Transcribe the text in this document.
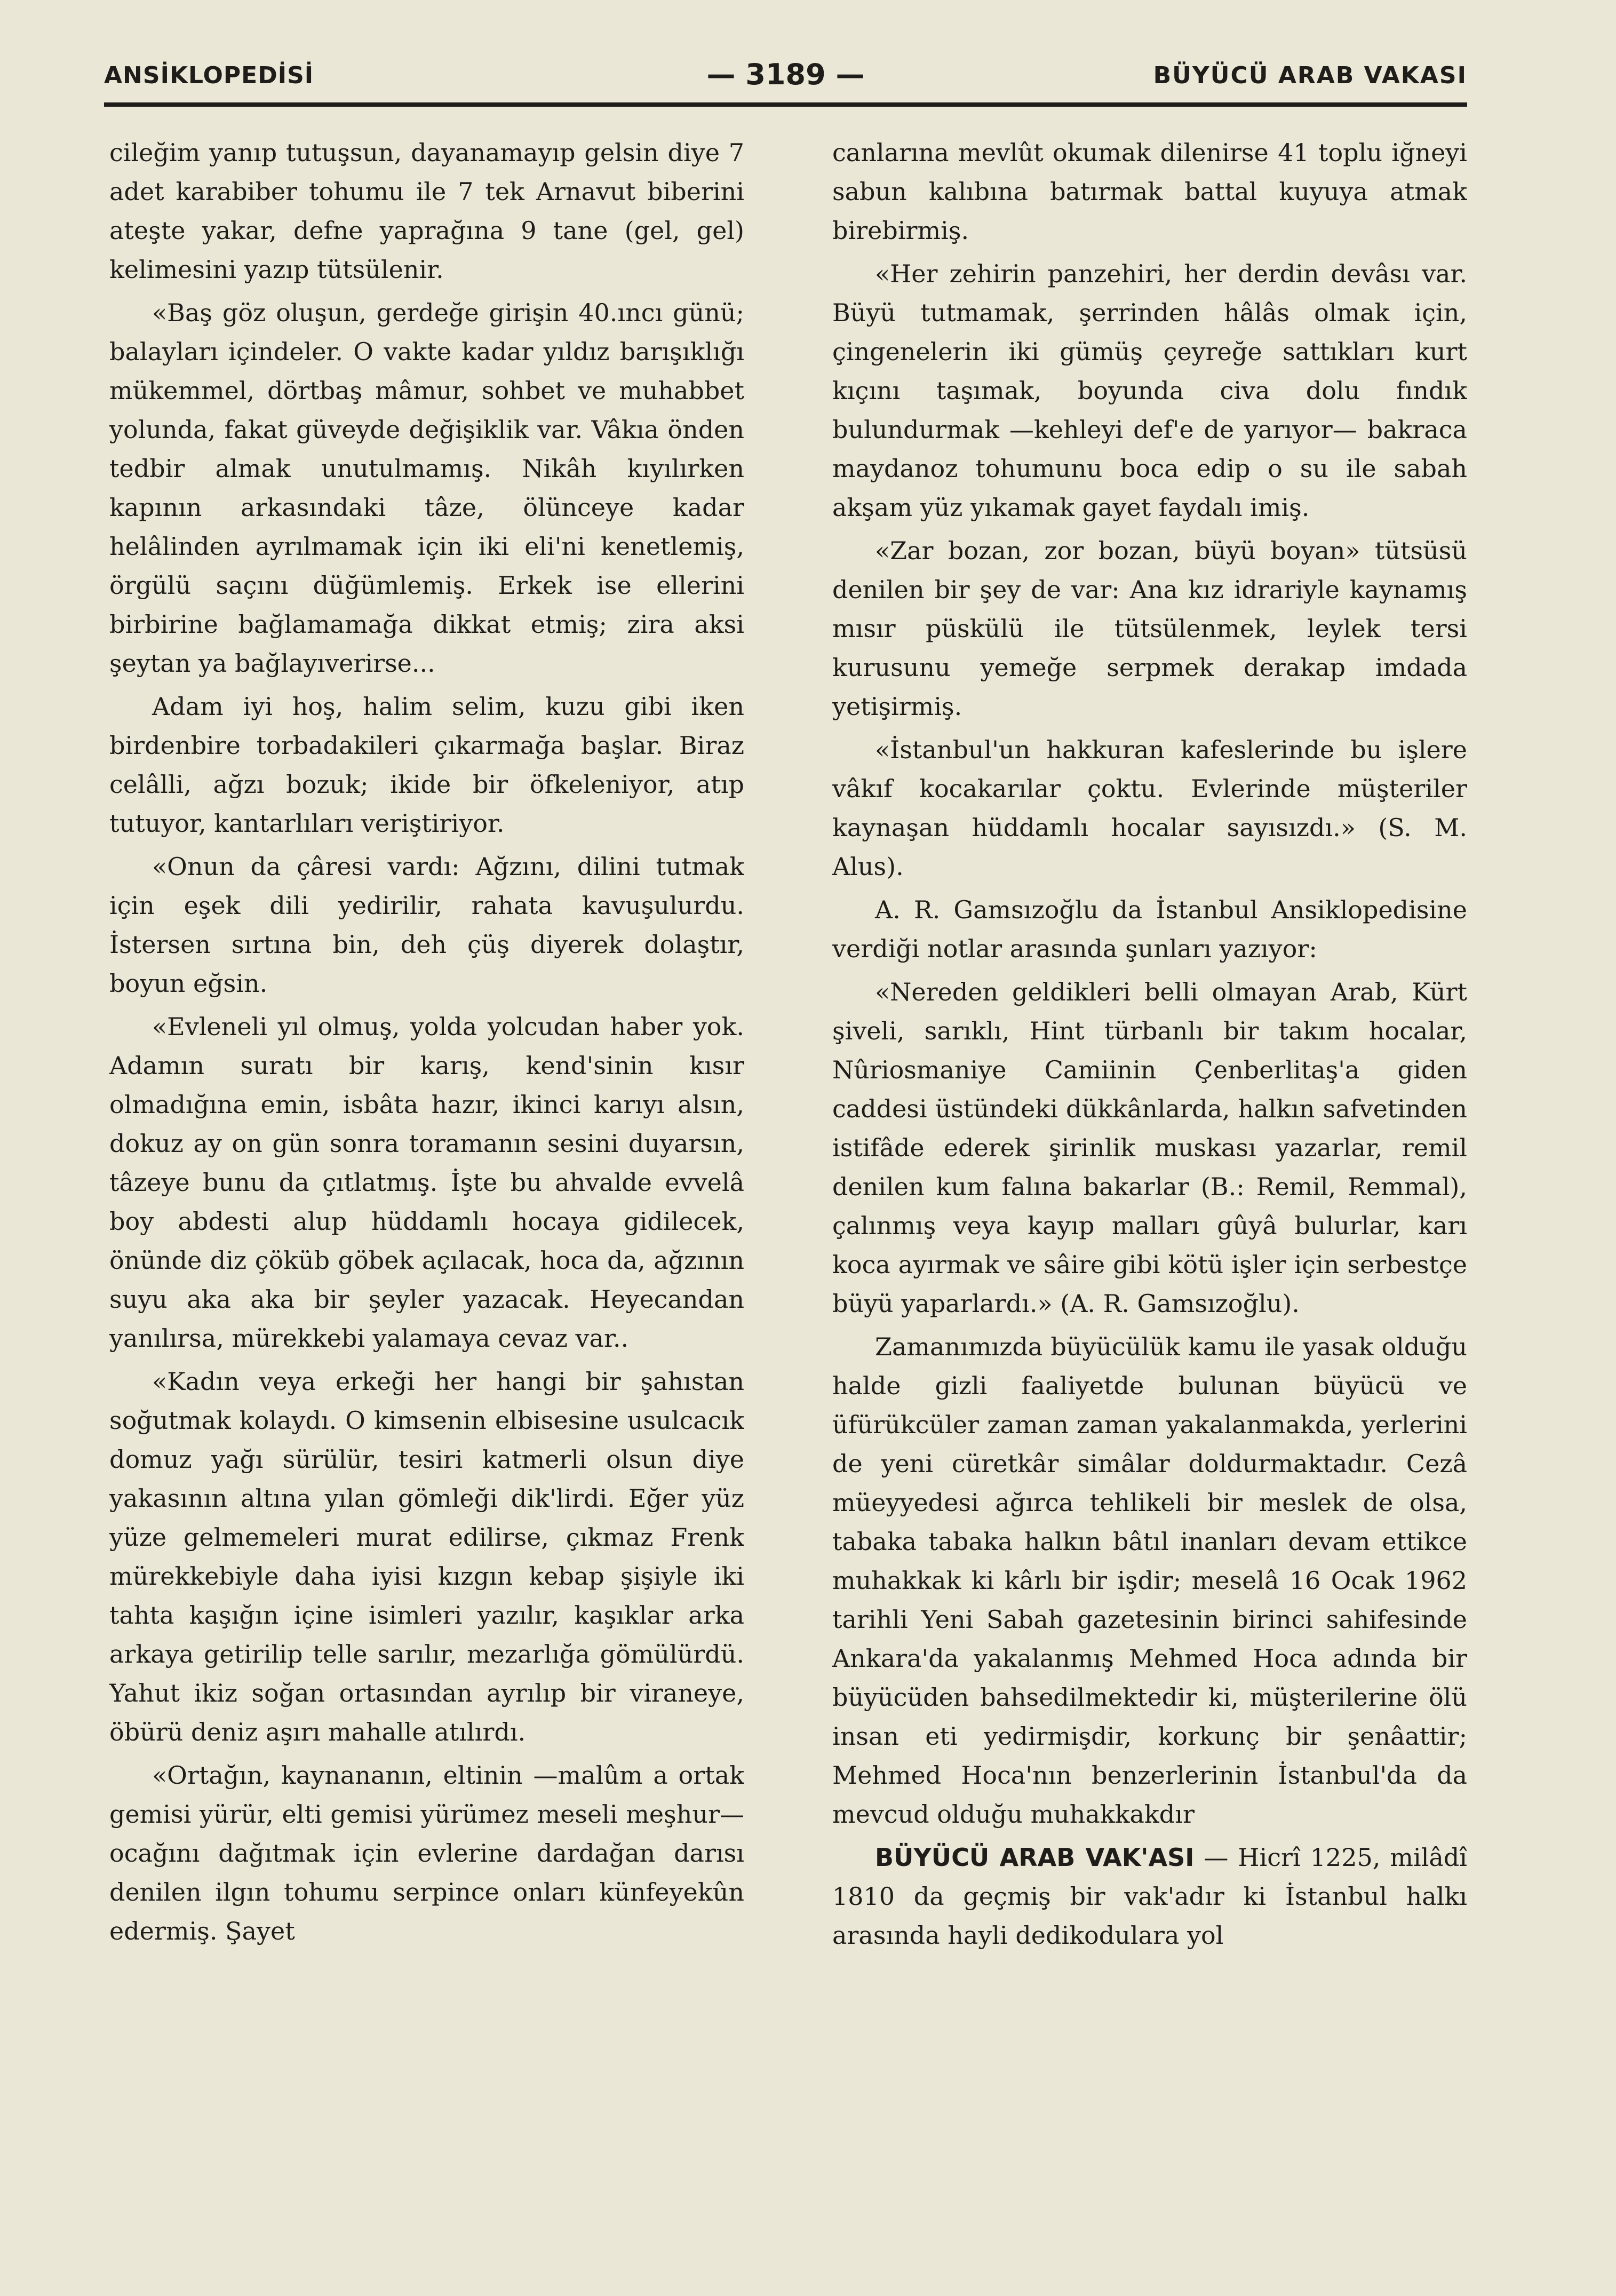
ANSİKLOPEDİSİ	— 3189 —	BÜYÜCÜ ARAB VAKASI

cileğim yanıp tutuşsun, dayanamayıp gelsin diye 7 adet karabiber tohumu ile 7 tek Arnavut biberini ateşte yakar, defne yaprağına 9 tane (gel, gel) kelimesini yazıp tütsülenir.

«Baş göz oluşun, gerdeğe girişin 40.ıncı günü; balayları içindeler. O vakte kadar yıldız barışıklığı mükemmel, dörtbaş mâmur, sohbet ve muhabbet yolunda, fakat güveyde değişiklik var. Vâkıa önden tedbir almak unutulmamış. Nikâh kıyılırken kapının arkasındaki tâze, ölünceye kadar helâlinden ayrılmamak için iki eli'ni kenetlemiş, örgülü saçını düğümlemiş. Erkek ise ellerini birbirine bağlamamağa dikkat etmiş; zira aksi şeytan ya bağlayıverirse...

Adam iyi hoş, halim selim, kuzu gibi iken birdenbire torbadakileri çıkarmağa başlar. Biraz celâlli, ağzı bozuk; ikide bir öfkeleniyor, atıp tutuyor, kantarlıları veriştiriyor.

«Onun da çâresi vardı: Ağzını, dilini tutmak için eşek dili yedirilir, rahata kavuşulurdu. İstersen sırtına bin, deh çüş diyerek dolaştır, boyun eğsin.

«Evleneli yıl olmuş, yolda yolcudan haber yok. Adamın suratı bir karış, kend'sinin kısır olmadığına emin, isbâta hazır, ikinci karıyı alsın, dokuz ay on gün sonra toramanın sesini duyarsın, tâzeye bunu da çıtlatmış. İşte bu ahvalde evvelâ boy abdesti alup hüddamlı hocaya gidilecek, önünde diz çöküb göbek açılacak, hoca da, ağzının suyu aka aka bir şeyler yazacak. Heyecandan yanılırsa, mürekkebi yalamaya cevaz var..

«Kadın veya erkeği her hangi bir şahıstan soğutmak kolaydı. O kimsenin elbisesine usulcacık domuz yağı sürülür, tesiri katmerli olsun diye yakasının altına yılan gömleği dik'lirdi. Eğer yüz yüze gelmemeleri murat edilirse, çıkmaz Frenk mürekkebiyle daha iyisi kızgın kebap şişiyle iki tahta kaşığın içine isimleri yazılır, kaşıklar arka arkaya getirilip telle sarılır, mezarlığa gömülürdü. Yahut ikiz soğan ortasından ayrılıp bir viraneye, öbürü deniz aşırı mahalle atılırdı.

«Ortağın, kaynananın, eltinin —malûm a ortak gemisi yürür, elti gemisi yürümez meseli meşhur— ocağını dağıtmak için evlerine dardağan darısı denilen ilgın tohumu serpince onları künfeyekûn edermiş. Şayet

canlarına mevlût okumak dilenirse 41 toplu iğneyi sabun kalıbına batırmak battal kuyuya atmak birebirmiş.

«Her zehirin panzehiri, her derdin devâsı var. Büyü tutmamak, şerrinden hâlâs olmak için, çingenelerin iki gümüş çeyreğe sattıkları kurt kıçını taşımak, boyunda civa dolu fındık bulundurmak —kehleyi def'e de yarıyor— bakraca maydanoz tohumunu boca edip o su ile sabah akşam yüz yıkamak gayet faydalı imiş.

«Zar bozan, zor bozan, büyü boyan» tütsüsü denilen bir şey de var: Ana kız idrariyle kaynamış mısır püskülü ile tütsülenmek, leylek tersi kurusunu yemeğe serpmek derakap imdada yetişirmiş.

«İstanbul'un hakkuran kafeslerinde bu işlere vâkıf kocakarılar çoktu. Evlerinde müşteriler kaynaşan hüddamlı hocalar sayısızdı.» (S. M. Alus).

A. R. Gamsızoğlu da İstanbul Ansiklopedisine verdiği notlar arasında şunları yazıyor:

«Nereden geldikleri belli olmayan Arab, Kürt şiveli, sarıklı, Hint türbanlı bir takım hocalar, Nûriosmaniye Camiinin Çenberlitaş'a giden caddesi üstündeki dükkânlarda, halkın safvetinden istifâde ederek şirinlik muskası yazarlar, remil denilen kum falına bakarlar (B.: Remil, Remmal), çalınmış veya kayıp malları gûyâ bulurlar, karı koca ayırmak ve sâire gibi kötü işler için serbestçe büyü yaparlardı.» (A. R. Gamsızoğlu).

Zamanımızda büyücülük kamu ile yasak olduğu halde gizli faaliyetde bulunan büyücü ve üfürükcüler zaman zaman yakalanmakda, yerlerini de yeni cüretkâr simâlar doldurmaktadır. Cezâ müeyyedesi ağırca tehlikeli bir meslek de olsa, tabaka tabaka halkın bâtıl inanları devam ettikce muhakkak ki kârlı bir işdir; meselâ 16 Ocak 1962 tarihli Yeni Sabah gazetesinin birinci sahifesinde Ankara'da yakalanmış Mehmed Hoca adında bir büyücüden bahsedilmektedir ki, müşterilerine ölü insan eti yedirmişdir, korkunç bir şenâattir; Mehmed Hoca'nın benzerlerinin İstanbul'da da mevcud olduğu muhakkakdır

BÜYÜCÜ ARAB VAK'ASI — Hicrî 1225, milâdî 1810 da geçmiş bir vak'adır ki İstanbul halkı arasında hayli dedikodulara yol
